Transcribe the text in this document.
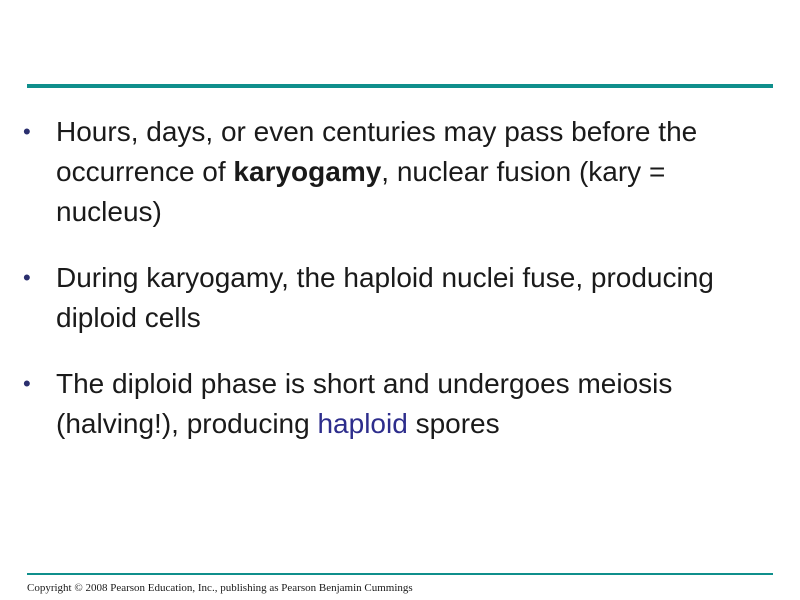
• Hours, days, or even centuries may pass before the occurrence of karyogamy, nuclear fusion (kary = nucleus)
• During karyogamy, the haploid nuclei fuse, producing diploid cells
• The diploid phase is short and undergoes meiosis (halving!), producing haploid spores
Copyright © 2008 Pearson Education, Inc., publishing as Pearson Benjamin Cummings
